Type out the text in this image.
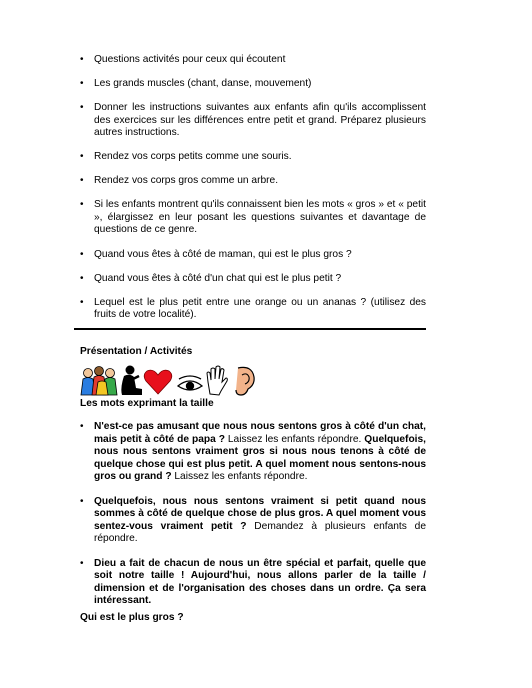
• Questions activités pour ceux qui écoutent
• Les grands muscles (chant, danse, mouvement)
• Donner les instructions suivantes aux enfants afin qu'ils accomplissent des exercices sur les différences entre petit et grand. Préparez plusieurs autres instructions.
• Rendez vos corps petits comme une souris.
• Rendez vos corps gros comme un arbre.
• Si les enfants montrent qu'ils connaissent bien les mots « gros » et « petit », élargissez en leur posant les questions suivantes et davantage de questions de ce genre.
• Quand vous êtes à côté de maman, qui est le plus gros ?
• Quand vous êtes à côté d'un chat qui est le plus petit ?
• Lequel est le plus petit entre une orange ou un ananas ? (utilisez des fruits de votre localité).
Présentation / Activités
Les mots exprimant la taille
• N'est-ce pas amusant que nous nous sentons gros à côté d'un chat, mais petit à côté de papa ? Laissez les enfants répondre. Quelquefois, nous nous sentons vraiment gros si nous nous tenons à côté de quelque chose qui est plus petit. A quel moment nous sentons-nous gros ou grand ? Laissez les enfants répondre.
• Quelquefois, nous nous sentons vraiment si petit quand nous sommes à côté de quelque chose de plus gros. A quel moment vous sentez-vous vraiment petit ? Demandez à plusieurs enfants de répondre.
• Dieu a fait de chacun de nous un être spécial et parfait, quelle que soit notre taille ! Aujourd'hui, nous allons parler de la taille / dimension et de l'organisation des choses dans un ordre. Ça sera intéressant.
Qui est le plus gros ?
